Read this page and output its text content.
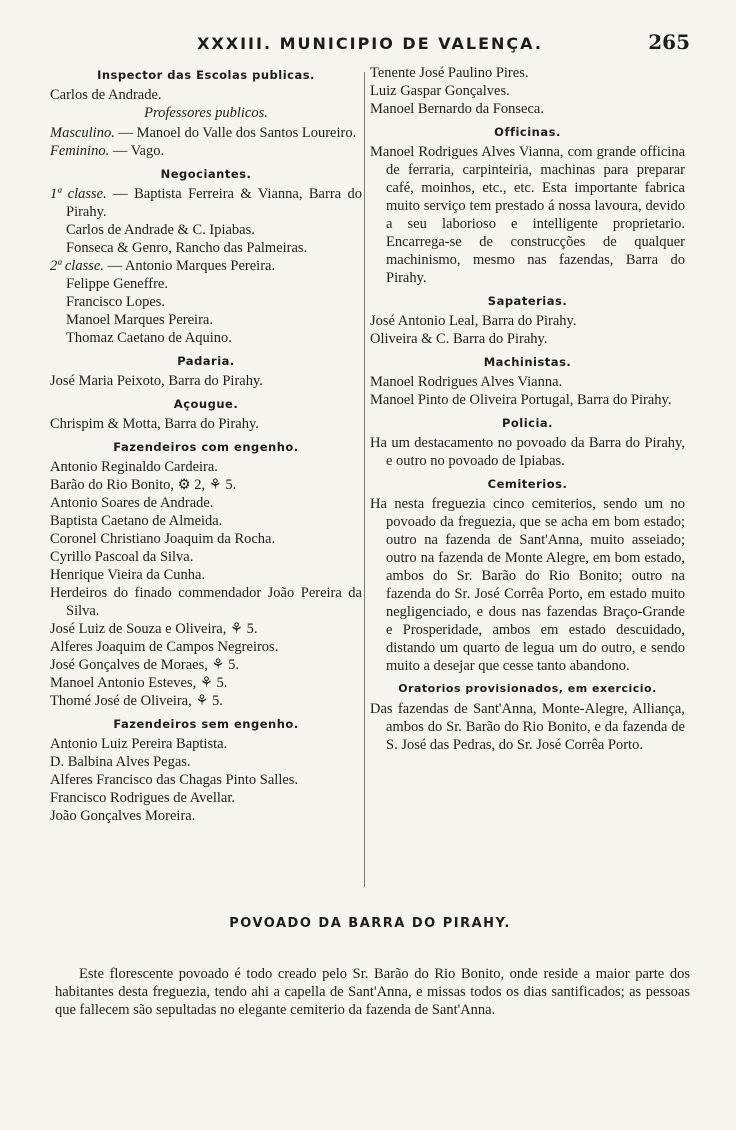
XXXIII. MUNICIPIO DE VALENÇA.	265
Inspector das Escolas publicas.

Carlos de Andrade.

Professores publicos.

Masculino. — Manoel do Valle dos Santos Loureiro.

Feminino. — Vago.

Negociantes.

1ª classe. — Baptista Ferreira & Vianna, Barra do Pirahy.

Carlos de Andrade & C. Ipiabas.

Fonseca & Genro, Rancho das Palmeiras.

2ª classe. — Antonio Marques Pereira.

Felippe Geneffre.

Francisco Lopes.

Manoel Marques Pereira.

Thomaz Caetano de Aquino.

Padaria.

José Maria Peixoto, Barra do Pirahy.

Açougue.

Chrispim & Motta, Barra do Pirahy.

Fazendeiros com engenho.

Antonio Reginaldo Cardeira.

Barão do Rio Bonito, ⚙ 2, ⚘ 5.

Antonio Soares de Andrade.

Baptista Caetano de Almeida.

Coronel Christiano Joaquim da Rocha.

Cyrillo Pascoal da Silva.

Henrique Vieira da Cunha.

Herdeiros do finado commendador João Pereira da Silva.

José Luiz de Souza e Oliveira, ⚘ 5.

Alferes Joaquim de Campos Negreiros.

José Gonçalves de Moraes, ⚘ 5.

Manoel Antonio Esteves, ⚘ 5.

Thomé José de Oliveira, ⚘ 5.

Fazendeiros sem engenho.

Antonio Luiz Pereira Baptista.

D. Balbina Alves Pegas.

Alferes Francisco das Chagas Pinto Salles.

Francisco Rodrigues de Avellar.

João Gonçalves Moreira.

Tenente José Paulino Pires.

Luiz Gaspar Gonçalves.

Manoel Bernardo da Fonseca.

Officinas.

Manoel Rodrigues Alves Vianna, com grande officina de ferraria, carpinteiria, machinas para preparar café, moinhos, etc., etc. Esta importante fabrica muito serviço tem prestado á nossa lavoura, devido a seu laborioso e intelligente proprietario. Encarrega-se de construcções de qualquer machinismo, mesmo nas fazendas, Barra do Pirahy.

Sapaterias.

José Antonio Leal, Barra do Pirahy.

Oliveira & C. Barra do Pirahy.

Machinistas.

Manoel Rodrigues Alves Vianna.

Manoel Pinto de Oliveira Portugal, Barra do Pirahy.

Policia.

Ha um destacamento no povoado da Barra do Pirahy, e outro no povoado de Ipiabas.

Cemiterios.

Ha nesta freguezia cinco cemiterios, sendo um no povoado da freguezia, que se acha em bom estado; outro na fazenda de Sant'Anna, muito asseiado; outro na fazenda de Monte Alegre, em bom estado, ambos do Sr. Barão do Rio Bonito; outro na fazenda do Sr. José Corrêa Porto, em estado muito negligenciado, e dous nas fazendas Braço-Grande e Prosperidade, ambos em estado descuidado, distando um quarto de legua um do outro, e sendo muito a desejar que cesse tanto abandono.

Oratorios provisionados, em exercicio.

Das fazendas de Sant'Anna, Monte-Alegre, Alliança, ambos do Sr. Barão do Rio Bonito, e da fazenda de S. José das Pedras, do Sr. José Corrêa Porto.

POVOADO DA BARRA DO PIRAHY.

Este florescente povoado é todo creado pelo Sr. Barão do Rio Bonito, onde reside a maior parte dos habitantes desta freguezia, tendo ahi a capella de Sant'Anna, e missas todos os dias santificados; as pessoas que fallecem são sepultadas no elegante cemiterio da fazenda de Sant'Anna.
